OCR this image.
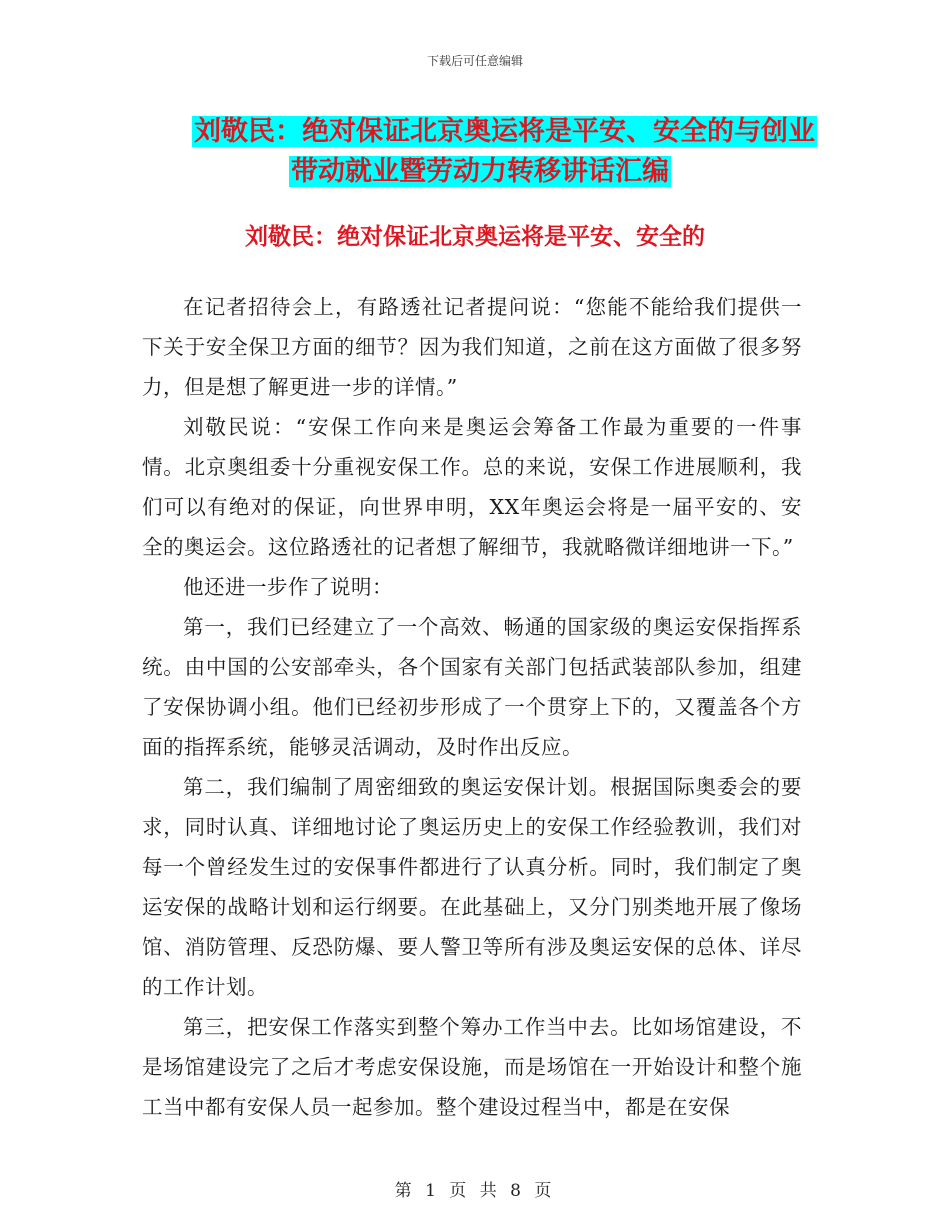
下载后可任意编辑
刘敬民：绝对保证北京奥运将是平安、安全的与创业
带动就业暨劳动力转移讲话汇编
刘敬民：绝对保证北京奥运将是平安、安全的

在记者招待会上，有路透社记者提问说：“您能不能给我们提供一下关于安全保卫方面的细节？因为我们知道，之前在这方面做了很多努力，但是想了解更进一步的详情。”

刘敬民说：“安保工作向来是奥运会筹备工作最为重要的一件事情。北京奥组委十分重视安保工作。总的来说，安保工作进展顺利，我们可以有绝对的保证，向世界申明，XX年奥运会将是一届平安的、安全的奥运会。这位路透社的记者想了解细节，我就略微详细地讲一下。”

他还进一步作了说明：

第一，我们已经建立了一个高效、畅通的国家级的奥运安保指挥系统。由中国的公安部牵头，各个国家有关部门包括武装部队参加，组建了安保协调小组。他们已经初步形成了一个贯穿上下的，又覆盖各个方面的指挥系统，能够灵活调动，及时作出反应。

第二，我们编制了周密细致的奥运安保计划。根据国际奥委会的要求，同时认真、详细地讨论了奥运历史上的安保工作经验教训，我们对每一个曾经发生过的安保事件都进行了认真分析。同时，我们制定了奥运安保的战略计划和运行纲要。在此基础上，又分门别类地开展了像场馆、消防管理、反恐防爆、要人警卫等所有涉及奥运安保的总体、详尽的工作计划。

第三，把安保工作落实到整个筹办工作当中去。比如场馆建设，不是场馆建设完了之后才考虑安保设施，而是场馆在一开始设计和整个施工当中都有安保人员一起参加。整个建设过程当中，都是在安保

第 1 页 共 8 页
